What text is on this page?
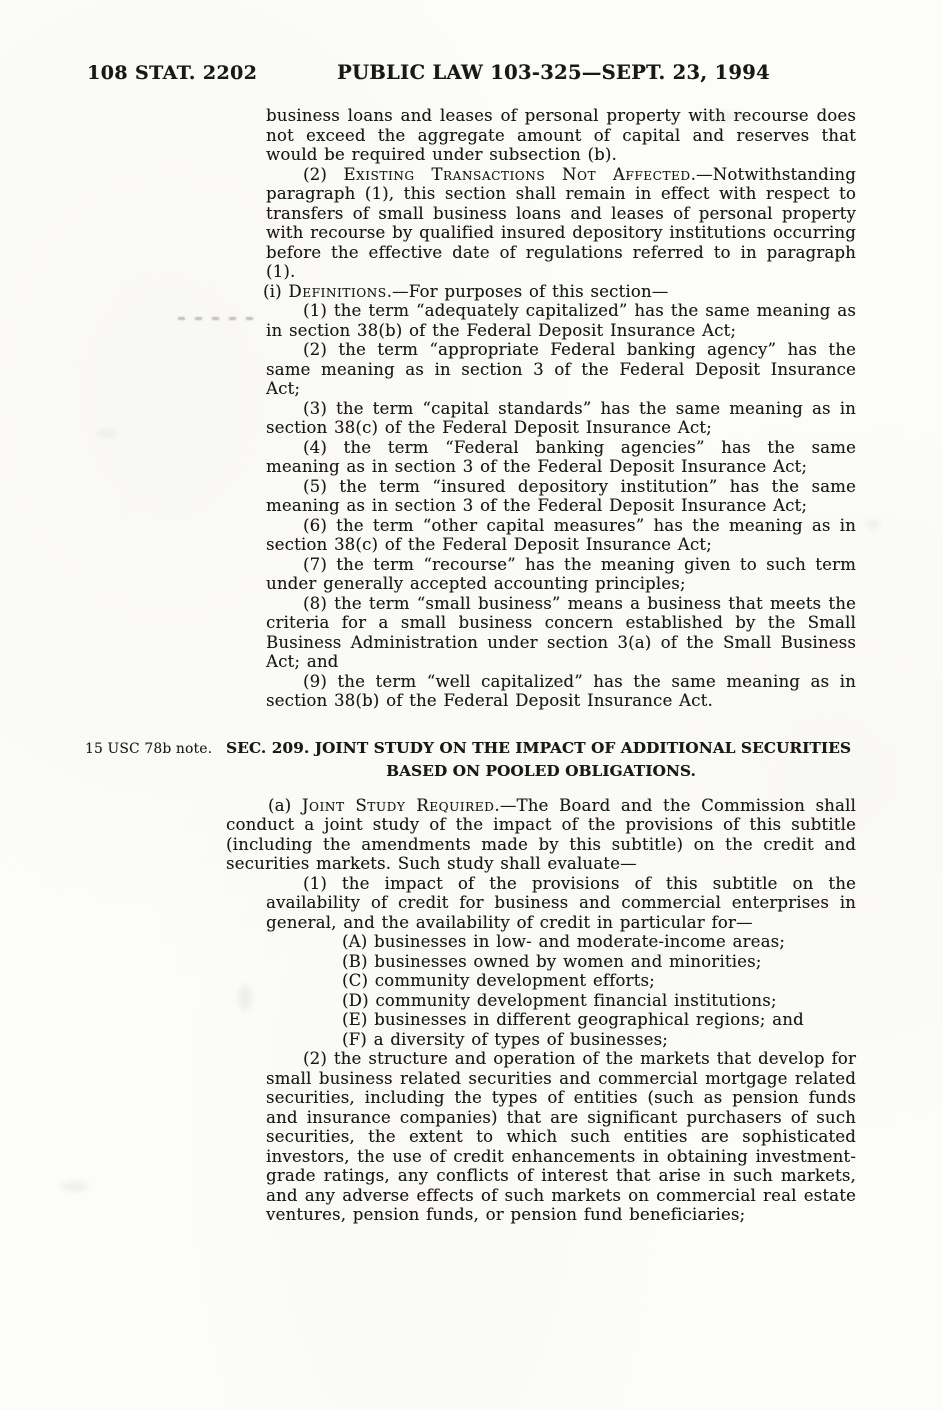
108 STAT. 2202	PUBLIC LAW 103-325—SEPT. 23, 1994

business loans and leases of personal property with recourse does not exceed the aggregate amount of capital and reserves that would be required under subsection (b).

(2) Existing Transactions Not Affected.—Notwithstanding paragraph (1), this section shall remain in effect with respect to transfers of small business loans and leases of personal property with recourse by qualified insured depository institutions occurring before the effective date of regulations referred to in paragraph (1).

(i) Definitions.—For purposes of this section—

(1) the term “adequately capitalized” has the same meaning as in section 38(b) of the Federal Deposit Insurance Act;

(2) the term “appropriate Federal banking agency” has the same meaning as in section 3 of the Federal Deposit Insurance Act;

(3) the term “capital standards” has the same meaning as in section 38(c) of the Federal Deposit Insurance Act;

(4) the term “Federal banking agencies” has the same meaning as in section 3 of the Federal Deposit Insurance Act;

(5) the term “insured depository institution” has the same meaning as in section 3 of the Federal Deposit Insurance Act;

(6) the term “other capital measures” has the meaning as in section 38(c) of the Federal Deposit Insurance Act;

(7) the term “recourse” has the meaning given to such term under generally accepted accounting principles;

(8) the term “small business” means a business that meets the criteria for a small business concern established by the Small Business Administration under section 3(a) of the Small Business Act; and

(9) the term “well capitalized” has the same meaning as in section 38(b) of the Federal Deposit Insurance Act.

15 USC 78b note. SEC. 209. JOINT STUDY ON THE IMPACT OF ADDITIONAL SECURITIES
BASED ON POOLED OBLIGATIONS.

(a) Joint Study Required.—The Board and the Commission shall conduct a joint study of the impact of the provisions of this subtitle (including the amendments made by this subtitle) on the credit and securities markets. Such study shall evaluate—

(1) the impact of the provisions of this subtitle on the availability of credit for business and commercial enterprises in general, and the availability of credit in particular for—

(A) businesses in low- and moderate-income areas;

(B) businesses owned by women and minorities;

(C) community development efforts;

(D) community development financial institutions;

(E) businesses in different geographical regions; and

(F) a diversity of types of businesses;

(2) the structure and operation of the markets that develop for small business related securities and commercial mortgage related securities, including the types of entities (such as pension funds and insurance companies) that are significant purchasers of such securities, the extent to which such entities are sophisticated investors, the use of credit enhancements in obtaining investment-grade ratings, any conflicts of interest that arise in such markets, and any adverse effects of such markets on commercial real estate ventures, pension funds, or pension fund beneficiaries;
